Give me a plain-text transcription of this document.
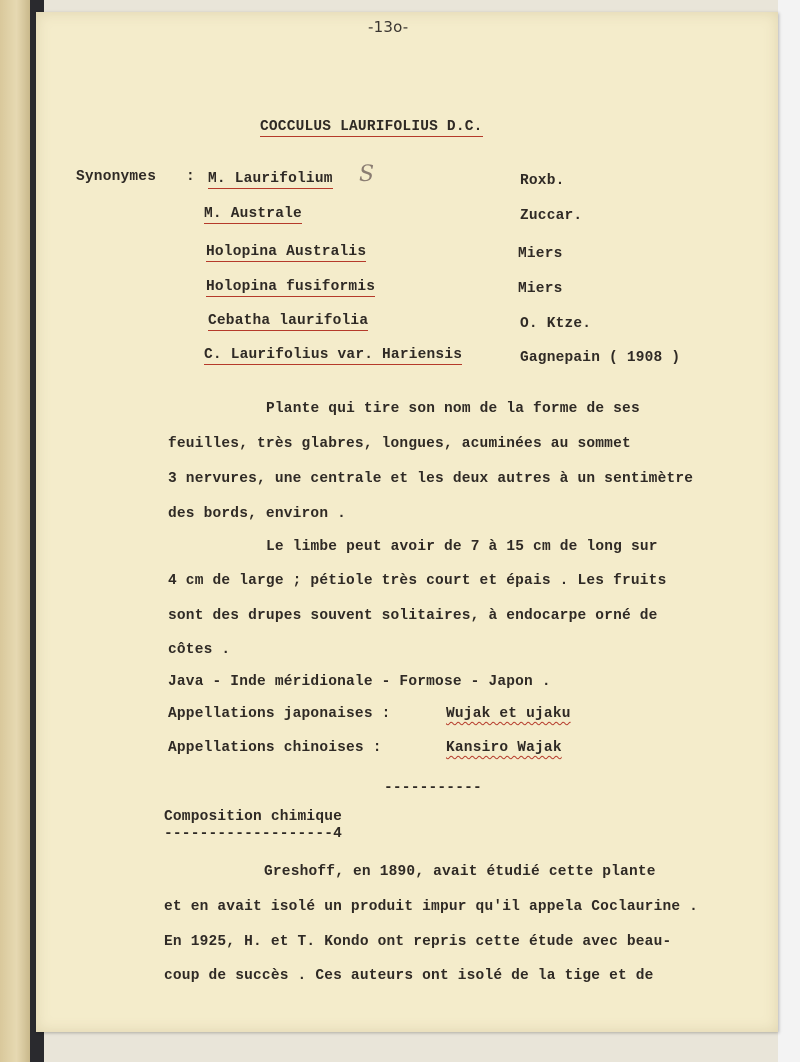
-13o-
COCCULUS LAURIFOLIUS D.C.
Synonymes :	S
M. Laurifolium	Roxb.
M. Australe	Zuccar.
Holopina Australis	Miers
Holopina fusiformis	Miers
Cebatha laurifolia	O. Ktze.
C. Laurifolius var. Hariensis	Gagnepain ( 1908 )
Plante qui tire son nom de la forme de ses
feuilles, très glabres, longues, acuminées au sommet
3 nervures, une centrale et les deux autres à un sentimètre
des bords, environ .
Le limbe peut avoir de 7 à 15 cm de long sur
4 cm de large ; pétiole très court et épais . Les fruits
sont des drupes souvent solitaires, à endocarpe orné de
côtes .
Java - Inde méridionale - Formose - Japon .
Appellations japonaises :	Wujak et ujaku
Appellations chinoises :	Kansiro Wajak
-----------
Composition chimique
-------------------4
Greshoff, en 1890, avait étudié cette plante
et en avait isolé un produit impur qu'il appela Coclaurine .
En 1925, H. et T. Kondo ont repris cette étude avec beau-
coup de succès . Ces auteurs ont isolé de la tige et de
